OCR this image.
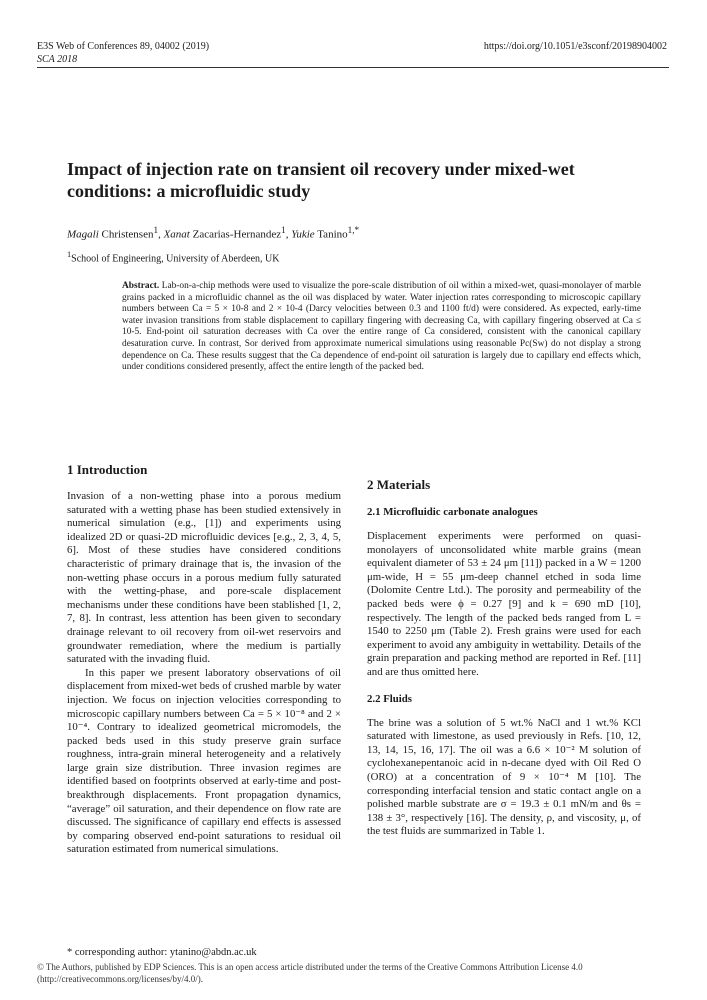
E3S Web of Conferences 89, 04002 (2019)
SCA 2018
https://doi.org/10.1051/e3sconf/20198904002
Impact of injection rate on transient oil recovery under mixed-wet conditions: a microfluidic study
Magali Christensen$^1$, Xanat Zacarias-Hernandez$^1$, Yukie Tanino$^{1,*}$
$^1$School of Engineering, University of Aberdeen, UK
Abstract. Lab-on-a-chip methods were used to visualize the pore-scale distribution of oil within a mixed-wet, quasi-monolayer of marble grains packed in a microfluidic channel as the oil was displaced by water. Water injection rates corresponding to microscopic capillary numbers between Ca = 5 × 10-8 and 2 × 10-4 (Darcy velocities between 0.3 and 1100 ft/d) were considered. As expected, early-time water invasion transitions from stable displacement to capillary fingering with decreasing Ca, with capillary fingering observed at Ca ≤ 10-5. End-point oil saturation decreases with Ca over the entire range of Ca considered, consistent with the canonical capillary desaturation curve. In contrast, Sor derived from approximate numerical simulations using reasonable Pc(Sw) do not display a strong dependence on Ca. These results suggest that the Ca dependence of end-point oil saturation is largely due to capillary end effects which, under conditions considered presently, affect the entire length of the packed bed.
1 Introduction

Invasion of a non-wetting phase into a porous medium saturated with a wetting phase has been studied extensively in numerical simulation (e.g., [1]) and experiments using idealized 2D or quasi-2D microfluidic devices [e.g., 2, 3, 4, 5, 6]. Most of these studies have considered conditions characteristic of primary drainage that is, the invasion of the non-wetting phase occurs in a porous medium fully saturated with the wetting-phase, and pore-scale displacement mechanisms under these conditions have been stablished [1, 2, 7, 8]. In contrast, less attention has been given to secondary drainage relevant to oil recovery from oil-wet reservoirs and groundwater remediation, where the medium is partially saturated with the invading fluid.

In this paper we present laboratory observations of oil displacement from mixed-wet beds of crushed marble by water injection. We focus on injection velocities corresponding to microscopic capillary numbers between Ca = 5 × 10⁻⁸ and 2 × 10⁻⁴. Contrary to idealized geometrical micromodels, the packed beds used in this study preserve grain surface roughness, intra-grain mineral heterogeneity and a relatively large grain size distribution. Three invasion regimes are identified based on footprints observed at early-time and post-breakthrough displacements. Front propagation dynamics, “average” oil saturation, and their dependence on flow rate are discussed. The significance of capillary end effects is assessed by comparing observed end-point saturations to residual oil saturation estimated from numerical simulations.

2 Materials
2.1 Microfluidic carbonate analogues

Displacement experiments were performed on quasi-monolayers of unconsolidated white marble grains (mean equivalent diameter of 53 ± 24 μm [11]) packed in a W = 1200 μm-wide, H = 55 μm-deep channel etched in soda lime (Dolomite Centre Ltd.). The porosity and permeability of the packed beds were ϕ = 0.27 [9] and k = 690 mD [10], respectively. The length of the packed beds ranged from L = 1540 to 2250 μm (Table 2). Fresh grains were used for each experiment to avoid any ambiguity in wettability. Details of the grain preparation and packing method are reported in Ref. [11] and are thus omitted here.

2.2 Fluids

The brine was a solution of 5 wt.% NaCl and 1 wt.% KCl saturated with limestone, as used previously in Refs. [10, 12, 13, 14, 15, 16, 17]. The oil was a 6.6 × 10⁻² M solution of cyclohexanepentanoic acid in n-decane dyed with Oil Red O (ORO) at a concentration of 9 × 10⁻⁴ M [10]. The corresponding interfacial tension and static contact angle on a polished marble substrate are σ = 19.3 ± 0.1 mN/m and θs = 138 ± 3°, respectively [16]. The density, ρ, and viscosity, μ, of the test fluids are summarized in Table 1.

* corresponding author: ytanino@abdn.ac.uk
© The Authors, published by EDP Sciences. This is an open access article distributed under the terms of the Creative Commons Attribution License 4.0 (http://creativecommons.org/licenses/by/4.0/).
